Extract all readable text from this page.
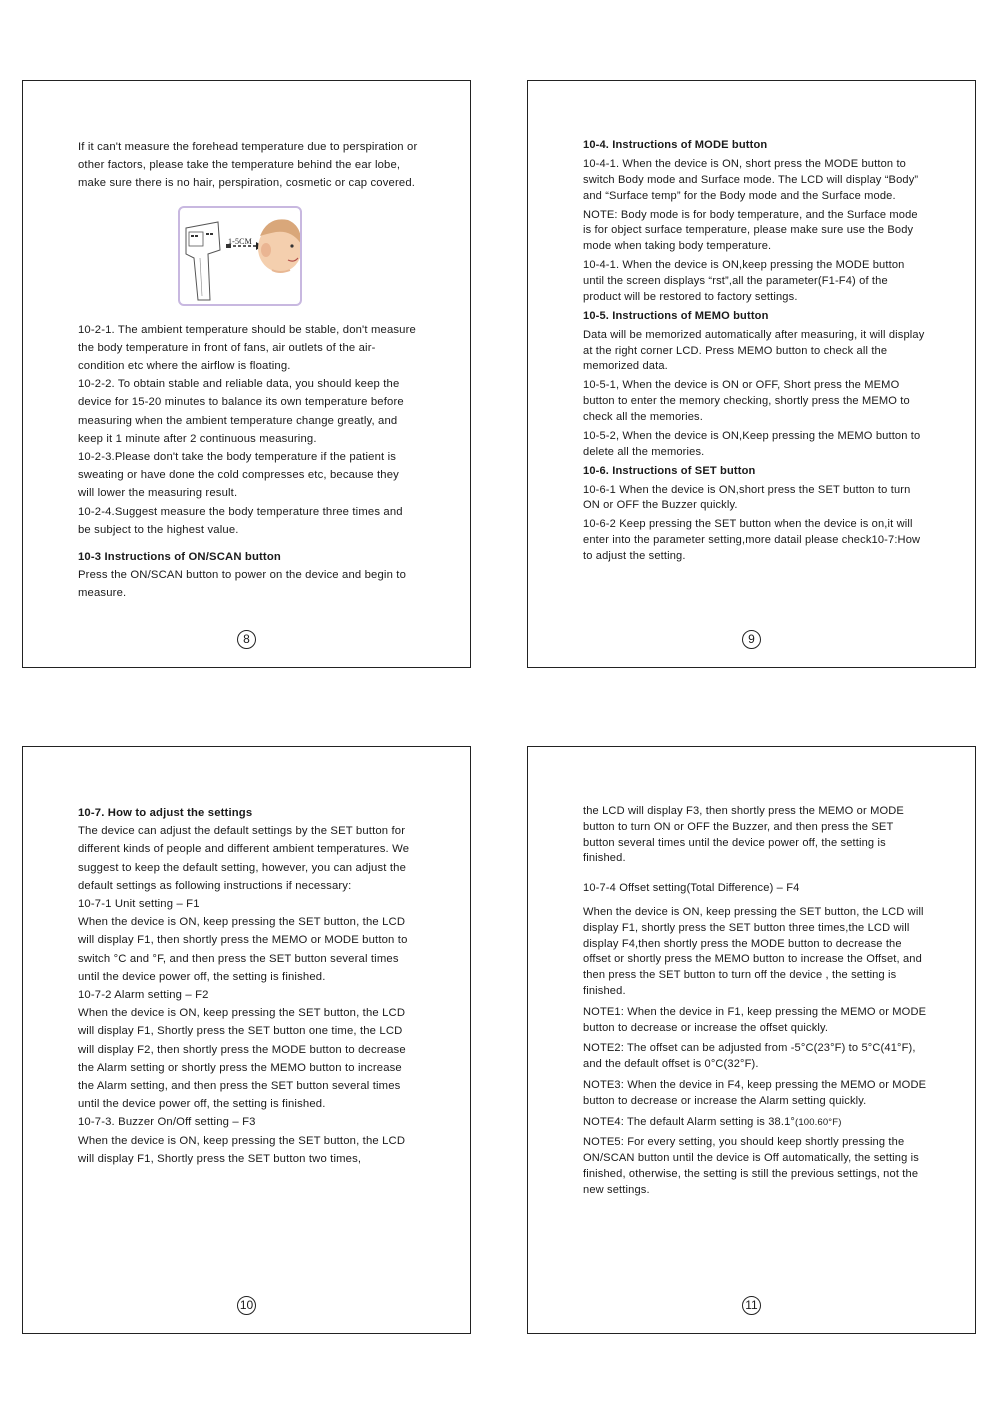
If it can't measure the forehead temperature due to perspiration or other factors, please take the temperature behind the ear lobe, make sure there is no hair, perspiration, cosmetic or cap covered.

1-5CM

10-2-1. The ambient temperature should be stable, don't measure the body temperature in front of fans, air outlets of the air-condition etc where the airflow is floating.

10-2-2. To obtain stable and reliable data, you should keep the device for 15-20 minutes to balance its own temperature before measuring when the ambient temperature change greatly, and keep it 1 minute after 2 continuous measuring.

10-2-3.Please don't take the body temperature if the patient is sweating or have done the cold compresses etc, because they will lower the measuring result.

10-2-4.Suggest measure the body temperature three times and be subject to the highest value.

10-3 Instructions of ON/SCAN button

Press the ON/SCAN button to power on the device and begin to measure.

8

10-4. Instructions of MODE button

10-4-1. When the device is ON, short press the MODE button to switch Body mode and Surface mode. The LCD will display “Body” and “Surface temp” for the Body mode and the Surface mode.

NOTE: Body mode is for body temperature, and the Surface mode is for object surface temperature, please make sure use the Body mode when taking body temperature.

10-4-1. When the device is ON,keep pressing the MODE button until the screen displays “rst”,all the parameter(F1-F4) of the product will be restored to factory settings.

10-5. Instructions of MEMO button

Data will be memorized automatically after measuring, it will display at the right corner LCD. Press MEMO button to check all the memorized data.

10-5-1, When the device is ON or OFF, Short press the MEMO button to enter the memory checking, shortly press the MEMO to check all the memories.

10-5-2, When the device is ON,Keep pressing the MEMO button to delete all the memories.

10-6. Instructions of SET button

10-6-1 When the device is ON,short press the SET button to turn ON or OFF the Buzzer quickly.

10-6-2 Keep pressing the SET button when the device is on,it will enter into the parameter setting,more datail please check10-7:How to adjust the setting.

9

10-7. How to adjust the settings

The device can adjust the default settings by the SET button for different kinds of people and different ambient temperatures. We suggest to keep the default setting, however, you can adjust the default settings as following instructions if necessary:

10-7-1 Unit setting – F1

When the device is ON, keep pressing the SET button, the LCD will display F1, then shortly press the MEMO or MODE button to switch °C and °F, and then press the SET button several times until the device power off, the setting is finished.

10-7-2 Alarm setting – F2

When the device is ON, keep pressing the SET button, the LCD will display F1, Shortly press the SET button one time, the LCD will display F2, then shortly press the MODE button to decrease the Alarm setting or shortly press the MEMO button to increase the Alarm setting, and then press the SET button several times until the device power off, the setting is finished.

10-7-3. Buzzer On/Off setting – F3

When the device is ON, keep pressing the SET button, the LCD will display F1, Shortly press the SET button two times,

10

the LCD will display F3, then shortly press the MEMO or MODE button to turn ON or OFF the Buzzer, and then press the SET button several times until the device power off, the setting is finished.

10-7-4 Offset setting(Total Difference) – F4

When the device is ON, keep pressing the SET button, the LCD will display F1, shortly press the SET button three times,the LCD will display F4,then shortly press the MODE button to decrease the offset or shortly press the MEMO button to increase the Offset, and then press the SET button to turn off the device , the setting is finished.

NOTE1: When the device in F1, keep pressing the MEMO or MODE button to decrease or increase the offset quickly.

NOTE2: The offset can be adjusted from -5°C(23°F) to 5°C(41°F), and the default offset is 0°C(32°F).

NOTE3: When the device in F4, keep pressing the MEMO or MODE button to decrease or increase the Alarm setting quickly.

NOTE4: The default Alarm setting is 38.1°(100.60°F)

NOTE5: For every setting, you should keep shortly pressing the ON/SCAN button until the device is Off automatically, the setting is finished, otherwise, the setting is still the previous settings, not the new settings.

11
